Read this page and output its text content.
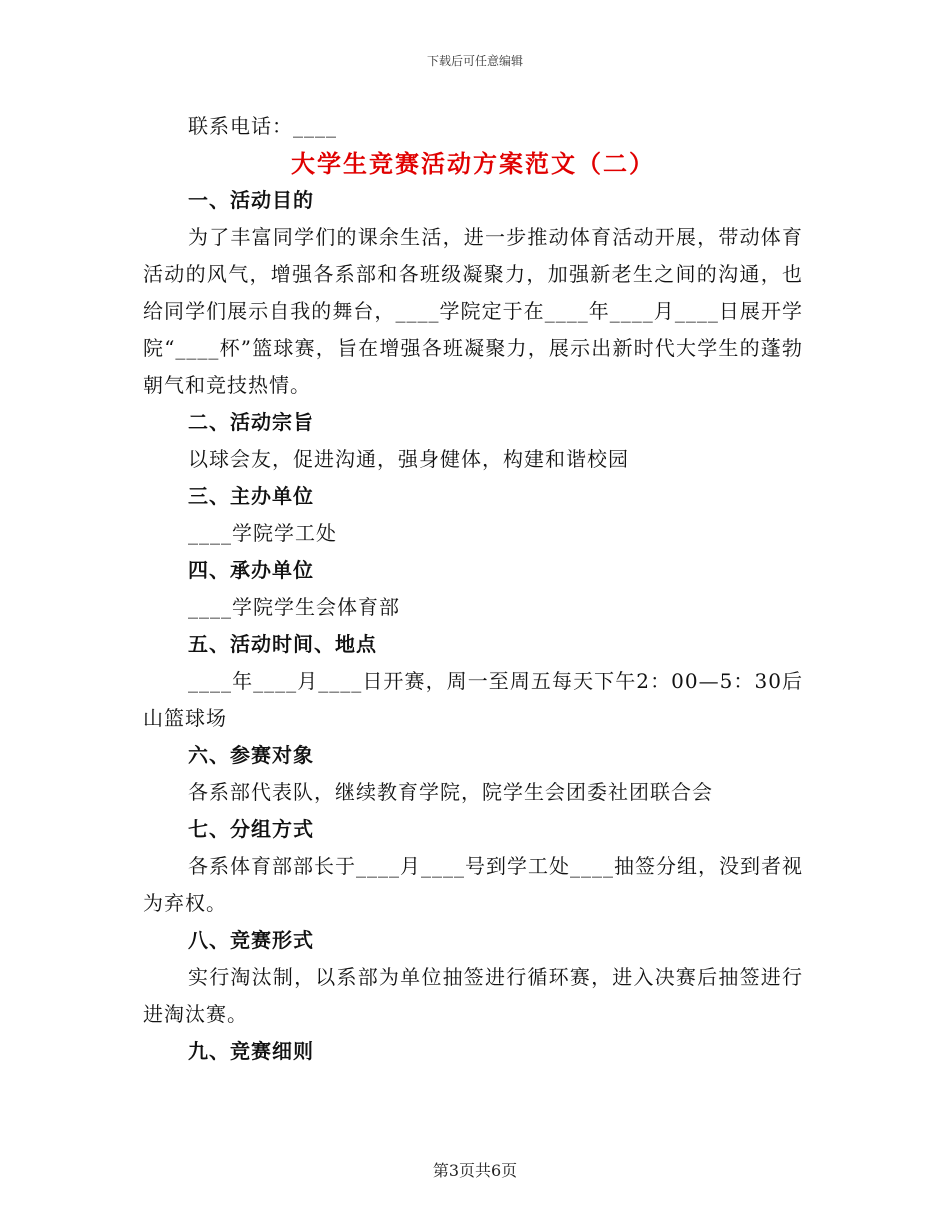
下载后可任意编辑

联系电话：____

大学生竞赛活动方案范文（二）

一、活动目的

为了丰富同学们的课余生活，进一步推动体育活动开展，带动体育活动的风气，增强各系部和各班级凝聚力，加强新老生之间的沟通，也给同学们展示自我的舞台，____学院定于在____年____月____日展开学院“____杯”篮球赛，旨在增强各班凝聚力，展示出新时代大学生的蓬勃朝气和竞技热情。

二、活动宗旨

以球会友，促进沟通，强身健体，构建和谐校园

三、主办单位

____学院学工处

四、承办单位

____学院学生会体育部

五、活动时间、地点

____年____月____日开赛，周一至周五每天下午2：00—5：30后山篮球场

六、参赛对象

各系部代表队，继续教育学院，院学生会团委社团联合会

七、分组方式

各系体育部部长于____月____号到学工处____抽签分组，没到者视为弃权。

八、竞赛形式

实行淘汰制，以系部为单位抽签进行循环赛，进入决赛后抽签进行进淘汰赛。

九、竞赛细则

第3页共6页
